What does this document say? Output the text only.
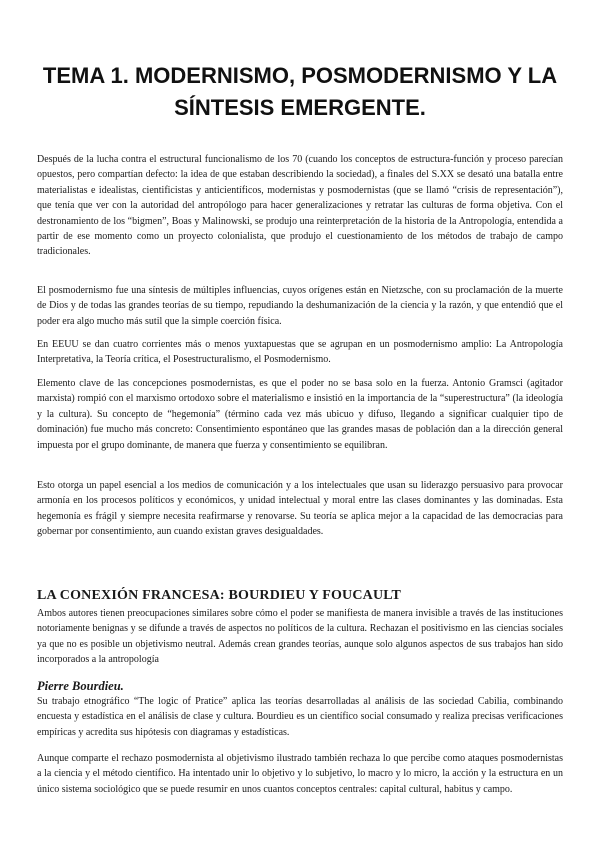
TEMA 1. MODERNISMO, POSMODERNISMO Y LA SÍNTESIS EMERGENTE.

Después de la lucha contra el estructural funcionalismo de los 70 (cuando los conceptos de estructura-función y proceso parecían opuestos, pero compartían defecto: la idea de que estaban describiendo la sociedad), a finales del S.XX se desató una batalla entre materialistas e idealistas, cientificistas y anticientíficos, modernistas y posmodernistas (que se llamó “crisis de representación”), que tenía que ver con la autoridad del antropólogo para hacer generalizaciones y retratar las culturas de forma objetiva. Con el destronamiento de los “bigmen”, Boas y Malinowski, se produjo una reinterpretación de la historia de la Antropología, entendida a partir de ese momento como un proyecto colonialista, que produjo el cuestionamiento de los métodos de trabajo de campo tradicionales.

El posmodernismo fue una síntesis de múltiples influencias, cuyos orígenes están en Nietzsche, con su proclamación de la muerte de Dios y de todas las grandes teorías de su tiempo, repudiando la deshumanización de la ciencia y la razón, y que entendió que el poder era algo mucho más sutil que la simple coerción física.

En EEUU se dan cuatro corrientes más o menos yuxtapuestas que se agrupan en un posmodernismo amplio: La Antropología Interpretativa, la Teoría crítica, el Posestructuralismo, el Posmodernismo.

Elemento clave de las concepciones posmodernistas, es que el poder no se basa solo en la fuerza. Antonio Gramsci (agitador marxista) rompió con el marxismo ortodoxo sobre el materialismo e insistió en la importancia de la “superestructura” (la ideología y la cultura). Su concepto de “hegemonía” (término cada vez más ubicuo y difuso, llegando a significar cualquier tipo de dominación) fue mucho más concreto: Consentimiento espontáneo que las grandes masas de población dan a la dirección general impuesta por el grupo dominante, de manera que fuerza y consentimiento se equilibran.

Esto otorga un papel esencial a los medios de comunicación y a los intelectuales que usan su liderazgo persuasivo para provocar armonía en los procesos políticos y económicos, y unidad intelectual y moral entre las clases dominantes y las dominadas. Esta hegemonía es frágil y siempre necesita reafirmarse y renovarse. Su teoría se aplica mejor a la capacidad de las democracias para gobernar por consentimiento, aun cuando existan graves desigualdades.

LA CONEXIÓN FRANCESA: BOURDIEU Y FOUCAULT

Ambos autores tienen preocupaciones similares sobre cómo el poder se manifiesta de manera invisible a través de las instituciones notoriamente benignas y se difunde a través de aspectos no políticos de la cultura. Rechazan el positivismo en las ciencias sociales ya que no es posible un objetivismo neutral. Además crean grandes teorías, aunque solo algunos aspectos de sus trabajos han sido incorporados a la antropología

Pierre Bourdieu.

Su trabajo etnográfico “The logic of Pratice” aplica las teorías desarrolladas al análisis de las sociedad Cabilia, combinando encuesta y estadística en el análisis de clase y cultura. Bourdieu es un científico social consumado y realiza precisas verificaciones empíricas y acredita sus hipótesis con diagramas y estadísticas.

Aunque comparte el rechazo posmodernista al objetivismo ilustrado también rechaza lo que percibe como ataques posmodernistas a la ciencia y el método científico. Ha intentado unir lo objetivo y lo subjetivo, lo macro y lo micro, la acción y la estructura en un único sistema sociológico que se puede resumir en unos cuantos conceptos centrales: capital cultural, habitus y campo.
